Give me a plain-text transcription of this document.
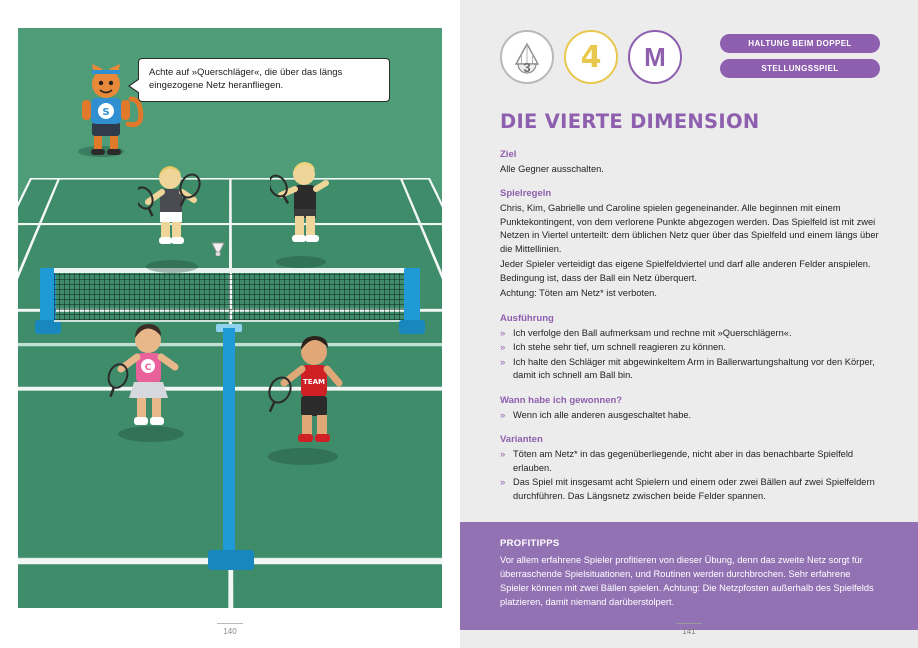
S
C
TEAM
Achte auf »Querschläger«, die über das längs eingezogene Netz heranfliegen.
140
3	4 M	HALTUNG BEIM DOPPEL
STELLUNGSSPIEL
DIE VIERTE DIMENSION
Ziel

Alle Gegner ausschalten.

Spielregeln

Chris, Kim, Gabrielle und Caroline spielen gegeneinander. Alle beginnen mit einem Punktekontingent, von dem verlorene Punkte abgezogen werden. Das Spielfeld ist mit zwei Netzen in Viertel unterteilt: dem üblichen Netz quer über das Spielfeld und einem längs über die Mittellinien.

Jeder Spieler verteidigt das eigene Spielfeldviertel und darf alle anderen Felder anspielen. Bedingung ist, dass der Ball ein Netz überquert.

Achtung: Töten am Netz* ist verboten.

Ausführung
» Ich verfolge den Ball aufmerksam und rechne mit »Querschlägern«.
» Ich stehe sehr tief, um schnell reagieren zu können.
» Ich halte den Schläger mit abgewinkeltem Arm in Ballerwartungshaltung vor den Körper, damit ich schnell am Ball bin.
Wann habe ich gewonnen?
» Wenn ich alle anderen ausgeschaltet habe.
Varianten
» Töten am Netz* in das gegenüberliegende, nicht aber in das benachbarte Spielfeld erlauben.
» Das Spiel mit insgesamt acht Spielern und einem oder zwei Bällen auf zwei Spielfeldern durchführen. Das Längsnetz zwischen beide Felder spannen.
PROFITIPPS

Vor allem erfahrene Spieler profitieren von dieser Übung, denn das zweite Netz sorgt für überraschende Spielsituationen, und Routinen werden durchbrochen. Sehr erfahrene Spieler können mit zwei Bällen spielen. Achtung: Die Netzpfosten außerhalb des Spielfelds platzieren, damit niemand darüberstolpert.

141
